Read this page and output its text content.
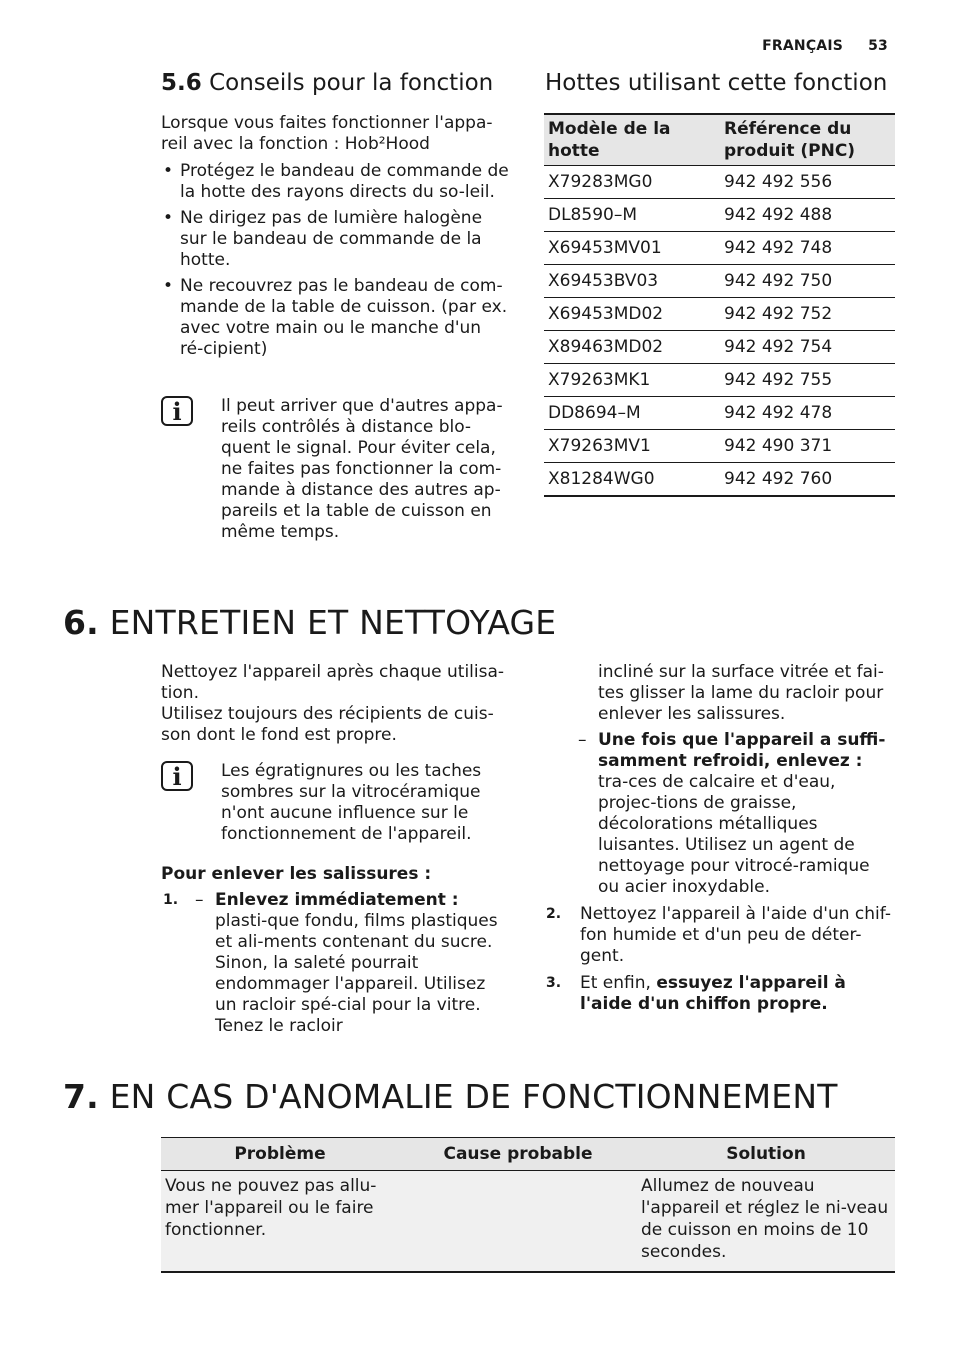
FRANÇAIS 53
5.6 Conseils pour la fonction

Lorsque vous faites fonctionner l'appa-reil avec la fonction : Hob²Hood

• Protégez le bandeau de commande de la hotte des rayons directs du so-leil.
• Ne dirigez pas de lumière halogène sur le bandeau de commande de la hotte.
• Ne recouvrez pas le bandeau de com-mande de la table de cuisson. (par ex. avec votre main ou le manche d'un ré-cipient)
i	Il peut arriver que d'autres appa-reils contrôlés à distance blo-quent le signal. Pour éviter cela, ne faites pas fonctionner la com-mande à distance des autres ap-pareils et la table de cuisson en même temps.
Hottes utilisant cette fonction
Modèle de la hotte	Référence du produit (PNC)
X79283MG0	942 492 556
DL8590–M	942 492 488
X69453MV01	942 492 748
X69453BV03	942 492 750
X69453MD02	942 492 752
X89463MD02	942 492 754
X79263MK1	942 492 755
DD8694–M	942 492 478
X79263MV1	942 490 371
X81284WG0	942 492 760
6. ENTRETIEN ET NETTOYAGE

Nettoyez l'appareil après chaque utilisa-tion.

Utilisez toujours des récipients de cuis-son dont le fond est propre.

i	Les égratignures ou les taches sombres sur la vitrocéramique n'ont aucune influence sur le fonctionnement de l'appareil.

Pour enlever les salissures :

1. – Enlevez immédiatement : plasti-que fondu, films plastiques et ali-ments contenant du sucre. Sinon, la saleté pourrait endommager l'appareil. Utilisez un racloir spé-cial pour la vitre. Tenez le racloir
incliné sur la surface vitrée et fai-tes glisser la lame du racloir pour enlever les salissures.
– Une fois que l'appareil a suffi-samment refroidi, enlevez : tra-ces de calcaire et d'eau, projec-tions de graisse, décolorations métalliques luisantes. Utilisez un agent de nettoyage pour vitrocé-ramique ou acier inoxydable.
2. Nettoyez l'appareil à l'aide d'un chif-fon humide et d'un peu de déter-gent.
3. Et enfin, essuyez l'appareil à l'aide d'un chiffon propre.
7. EN CAS D'ANOMALIE DE FONCTIONNEMENT
Problème	Cause probable	Solution
Vous ne pouvez pas allu-mer l'appareil ou le faire fonctionner.		Allumez de nouveau l'appareil et réglez le ni-veau de cuisson en moins de 10 secondes.
